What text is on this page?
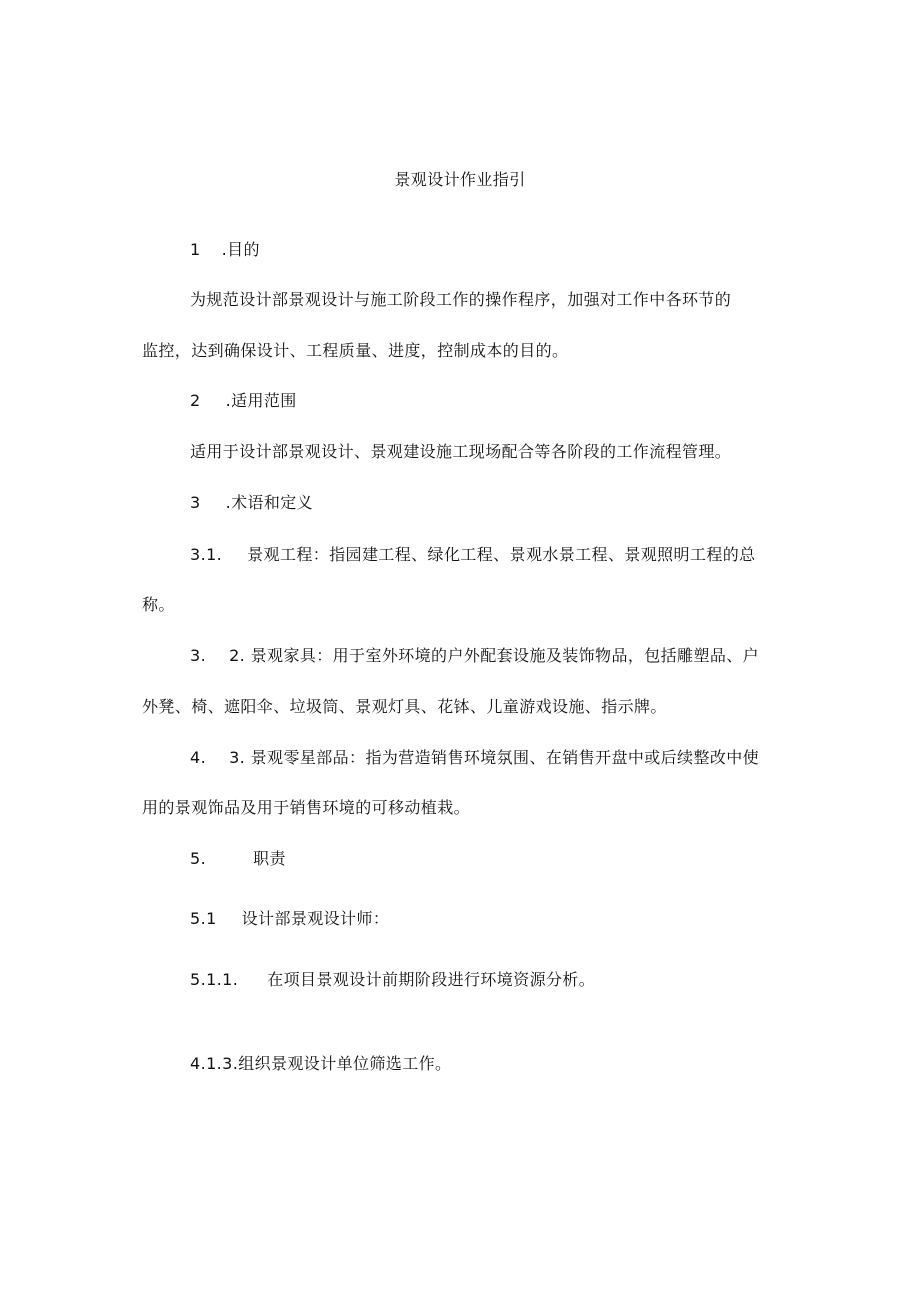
景观设计作业指引
1 .目的
为规范设计部景观设计与施工阶段工作的操作程序，加强对工作中各环节的
监控，达到确保设计、工程质量、进度，控制成本的目的。
2 .适用范围
适用于设计部景观设计、景观建设施工现场配合等各阶段的工作流程管理。
3 .术语和定义
3.1. 景观工程：指园建工程、绿化工程、景观水景工程、景观照明工程的总
称。
3. 2. 景观家具：用于室外环境的户外配套设施及装饰物品，包括雕塑品、户
外凳、椅、遮阳伞、垃圾筒、景观灯具、花钵、儿童游戏设施、指示牌。
4. 3. 景观零星部品：指为营造销售环境氛围、在销售开盘中或后续整改中使
用的景观饰品及用于销售环境的可移动植栽。
5.	职责
5.1 设计部景观设计师：
5.1.1. 在项目景观设计前期阶段进行环境资源分析。
4.1.3.组织景观设计单位筛选工作。
